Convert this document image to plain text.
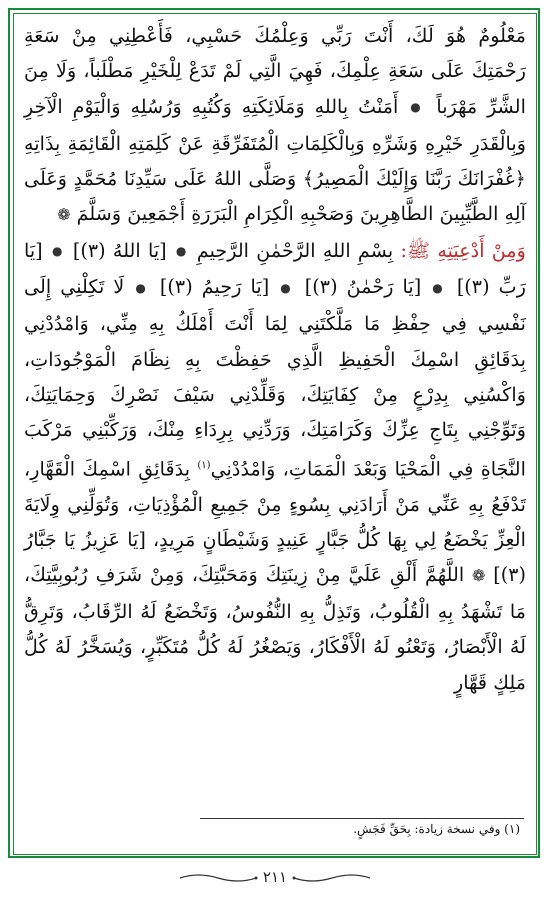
مَعْلُومٌ هُوَ لَكَ، أَنْتَ رَبِّي وَعِلْمُكَ حَسْبِي، فَأَعْطِنِي مِنْ سَعَةِ رَحْمَتِكَ عَلَى سَعَةِ عِلْمِكَ، فَهِيَ الَّتِي لَمْ تَدَعْ لِلْخَيْرِ مَطْلَباً، وَلَا مِنَ الشَّرِّ مَهْرَباً ● أَمَنْتُ بِاللهِ وَمَلَائِكَتِهِ وَكُتُبِهِ وَرُسُلِهِ وَالْيَوْمِ الْآخِرِ وَبِالْقَدَرِ خَيْرِهِ وَشَرِّهِ وَبِالْكَلِمَاتِ الْمُتَفَرِّقَةِ عَنْ كَلِمَتِهِ الْقَائِمَةِ بِذَاتِهِ ﴿غُفْرَانَكَ رَبَّنَا وَإِلَيْكَ الْمَصِيرُ﴾ وَصَلَّى اللهُ عَلَى سَيِّدِنَا مُحَمَّدٍ وَعَلَى آلِهِ الطَّيِّبِينَ الطَّاهِرِينَ وَصَحْبِهِ الْكِرَامِ الْبَرَرَةِ أَجْمَعِينَ وَسَلَّمَ ❁

وَمِنْ أَدْعِيَتِهِ ﷺ: بِسْمِ اللهِ الرَّحْمٰنِ الرَّحِيمِ ● [يَا اللهُ (٣)] ● [يَا رَبِّ (٣)] ● [يَا رَحْمٰنُ (٣)] ● [يَا رَحِيمُ (٣)] ● لَا تَكِلْنِي إِلَى نَفْسِي فِي حِفْظِ مَا مَلَّكْتَنِي لِمَا أَنْتَ أَمْلَكُ بِهِ مِنِّي، وَامْدُدْنِي بِدَقَائِقِ اسْمِكَ الْحَفِيظِ الَّذِي حَفِظْتَ بِهِ نِظَامَ الْمَوْجُودَاتِ، وَاكْسُنِي بِدِرْعٍ مِنْ كِفَايَتِكَ، وَقَلِّدْنِي سَيْفَ نَصْرِكَ وَحِمَايَتِكَ، وَتَوِّجْنِي بِتَاجِ عِزِّكَ وَكَرَامَتِكَ، وَرَدِّنِي بِرِدَاءِ مِنْكَ، وَرَكِّبْنِي مَرْكَبَ النَّجَاةِ فِي الْمَحْيَا وَبَعْدَ الْمَمَاتِ، وَامْدُدْنِي$^{(١)}$ بِدَقَائِقِ اسْمِكَ الْقَهَّارِ، تَدْفَعُ بِهِ عَنِّي مَنْ أَرَادَنِي بِسُوءٍ مِنْ جَمِيعِ الْمُؤْذِيَاتِ، وَتُوَلِّنِي وِلَايَةَ الْعِزِّ يَخْضَعُ لِي بِهَا كُلُّ جَبَّارٍ عَنِيدٍ وَشَيْطَانٍ مَرِيدٍ، [يَا عَزِيزُ يَا جَبَّارُ (٣)] ❁ اللَّهُمَّ أَلْقِ عَلَيَّ مِنْ زِينَتِكَ وَمَحَبَّتِكَ، وَمِنْ شَرَفِ رُبُوبِيَّتِكَ، مَا تَشْهَدُ بِهِ الْقُلُوبُ، وَتَذِلُّ بِهِ النُّفُوسُ، وَتَخْضَعُ لَهُ الرِّقَابُ، وَتَرِقُّ لَهُ الْأَبْصَارُ، وَتَعْنُو لَهُ الْأَفْكَارُ، وَيَصْغُرُ لَهُ كُلُّ مُتَكَبِّرٍ، وَيُسَخَّرُ لَهُ كُلُّ مَلِكٍ قَهَّارٍ

(١) وفي نسخة زيادة: بِحَقِّ فَجَشٍ.
٢١١
